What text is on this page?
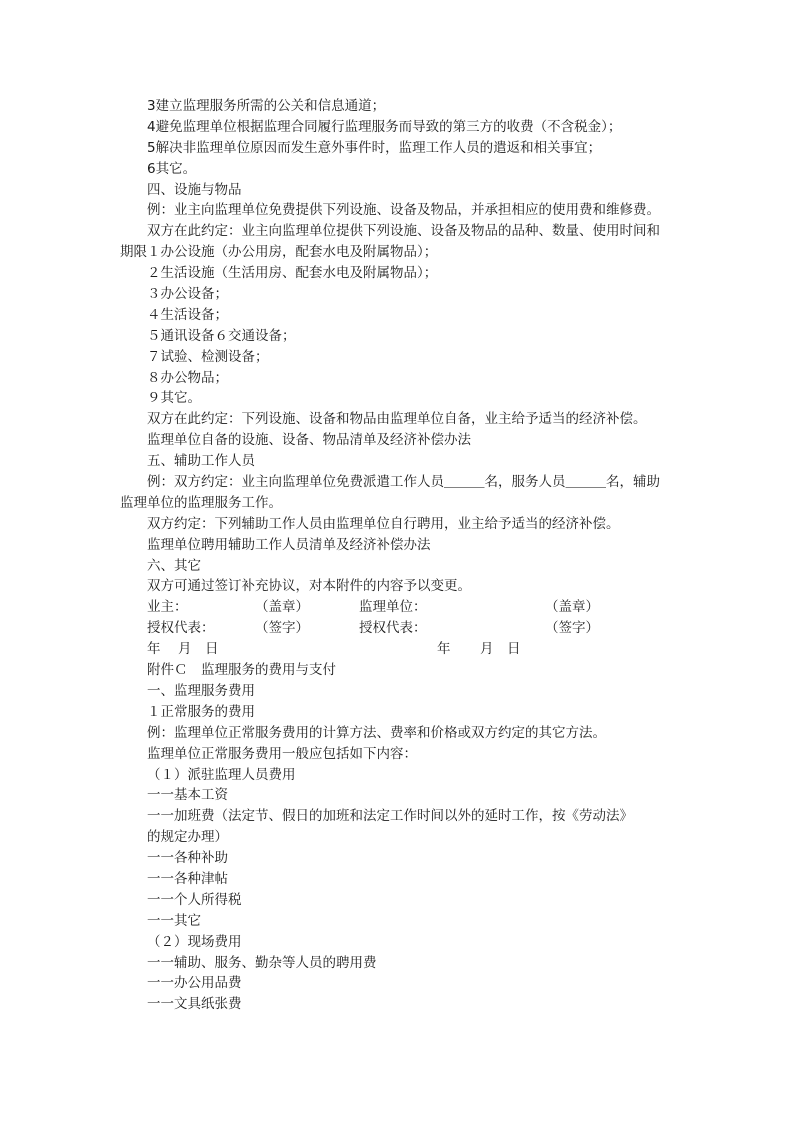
3建立监理服务所需的公关和信息通道；
4避免监理单位根据监理合同履行监理服务而导致的第三方的收费（不含税金）；
5解决非监理单位原因而发生意外事件时，监理工作人员的遣返和相关事宜；
6其它。
四、设施与物品
例：业主向监理单位免费提供下列设施、设备及物品，并承担相应的使用费和维修费。
双方在此约定：业主向监理单位提供下列设施、设备及物品的品种、数量、使用时间和
期限１办公设施（办公用房，配套水电及附属物品）；
２生活设施（生活用房、配套水电及附属物品）；
３办公设备；
４生活设备；
５通讯设备６交通设备；
７试验、检测设备；
８办公物品；
９其它。
双方在此约定：下列设施、设备和物品由监理单位自备，业主给予适当的经济补偿。
监理单位自备的设施、设备、物品清单及经济补偿办法
五、辅助工作人员
例：双方约定：业主向监理单位免费派遣工作人员＿＿＿名，服务人员＿＿＿名，辅助
监理单位的监理服务工作。
双方约定：下列辅助工作人员由监理单位自行聘用，业主给予适当的经济补偿。
监理单位聘用辅助工作人员清单及经济补偿办法
六、其它
双方可通过签订补充协议，对本附件的内容予以变更。
业主：	（盖章）	监理单位：	（盖章）
授权代表：	（签字）	授权代表：	（签字）
年	月	日	年	月	日
附件Ｃ　监理服务的费用与支付
一、监理服务费用
１正常服务的费用
例：监理单位正常服务费用的计算方法、费率和价格或双方约定的其它方法。
监理单位正常服务费用一般应包括如下内容：
（１）派驻监理人员费用
一一基本工资
一一加班费（法定节、假日的加班和法定工作时间以外的延时工作，按《劳动法》
的规定办理）
一一各种补助
一一各种津帖
一一个人所得税
一一其它
（２）现场费用
一一辅助、服务、勤杂等人员的聘用费
一一办公用品费
一一文具纸张费
